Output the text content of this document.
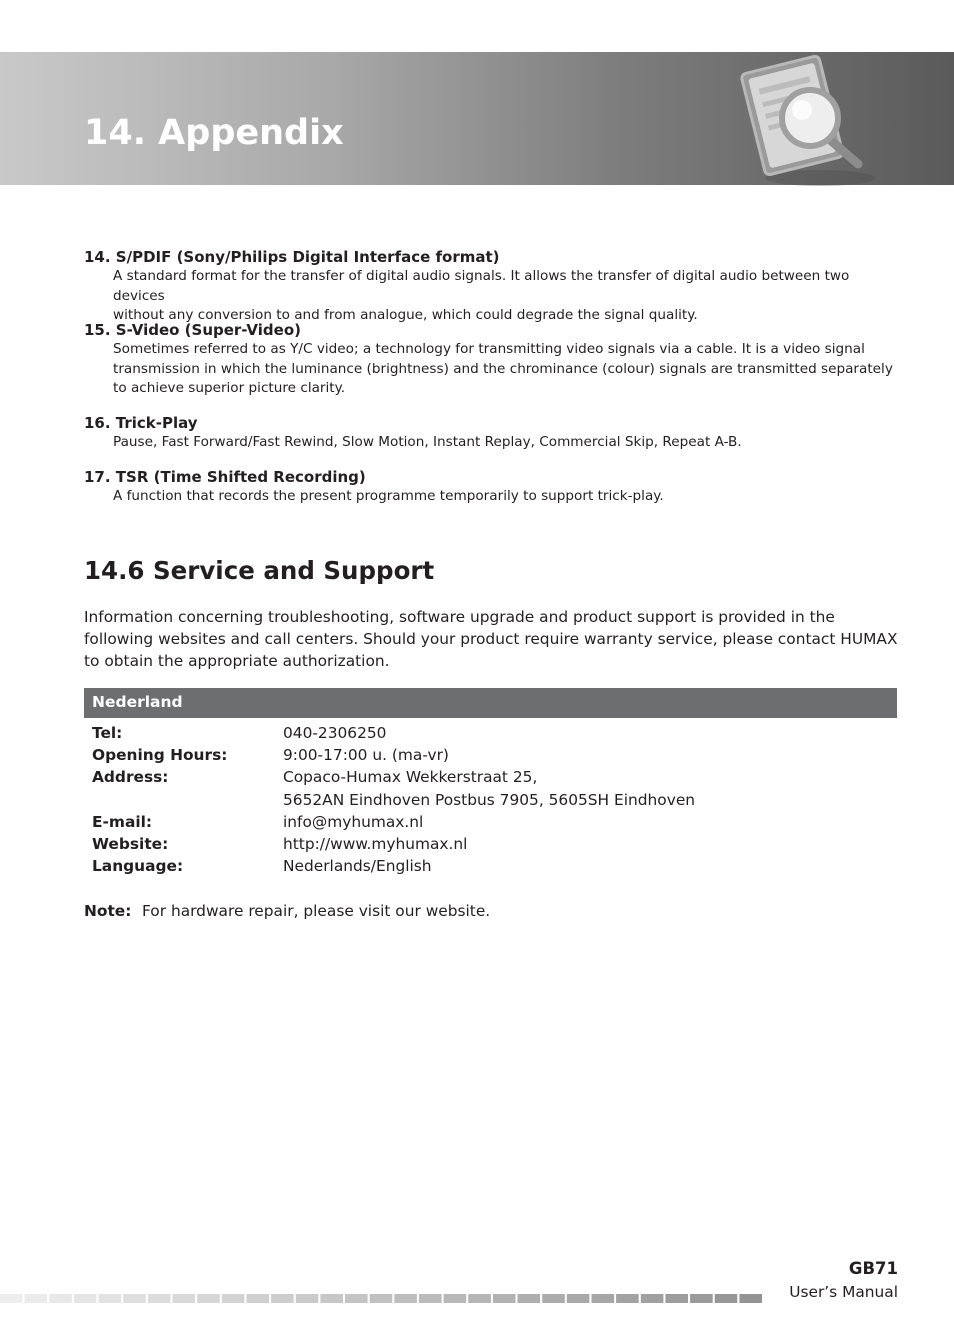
14. Appendix
14. S/PDIF (Sony/Philips Digital Interface format)
A standard format for the transfer of digital audio signals. It allows the transfer of digital audio between two devices
without any conversion to and from analogue, which could degrade the signal quality.
15. S-Video (Super-Video)
Sometimes referred to as Y/C video; a technology for transmitting video signals via a cable. It is a video signal
transmission in which the luminance (brightness) and the chrominance (colour) signals are transmitted separately
to achieve superior picture clarity.
16. Trick-Play
Pause, Fast Forward/Fast Rewind, Slow Motion, Instant Replay, Commercial Skip, Repeat A-B.
17. TSR (Time Shifted Recording)
A function that records the present programme temporarily to support trick-play.
14.6 Service and Support
Information concerning troubleshooting, software upgrade and product support is provided in the
following websites and call centers. Should your product require warranty service, please contact HUMAX
to obtain the appropriate authorization.
Nederland
Tel:	040-2306250
Opening Hours:	9:00-17:00 u. (ma-vr)
Address:	Copaco-Humax Wekkerstraat 25,
5652AN Eindhoven Postbus 7905, 5605SH Eindhoven
E-mail:	info@myhumax.nl
Website:	http://www.myhumax.nl
Language:	Nederlands/English
Note: For hardware repair, please visit our website.
GB71
User’s Manual
